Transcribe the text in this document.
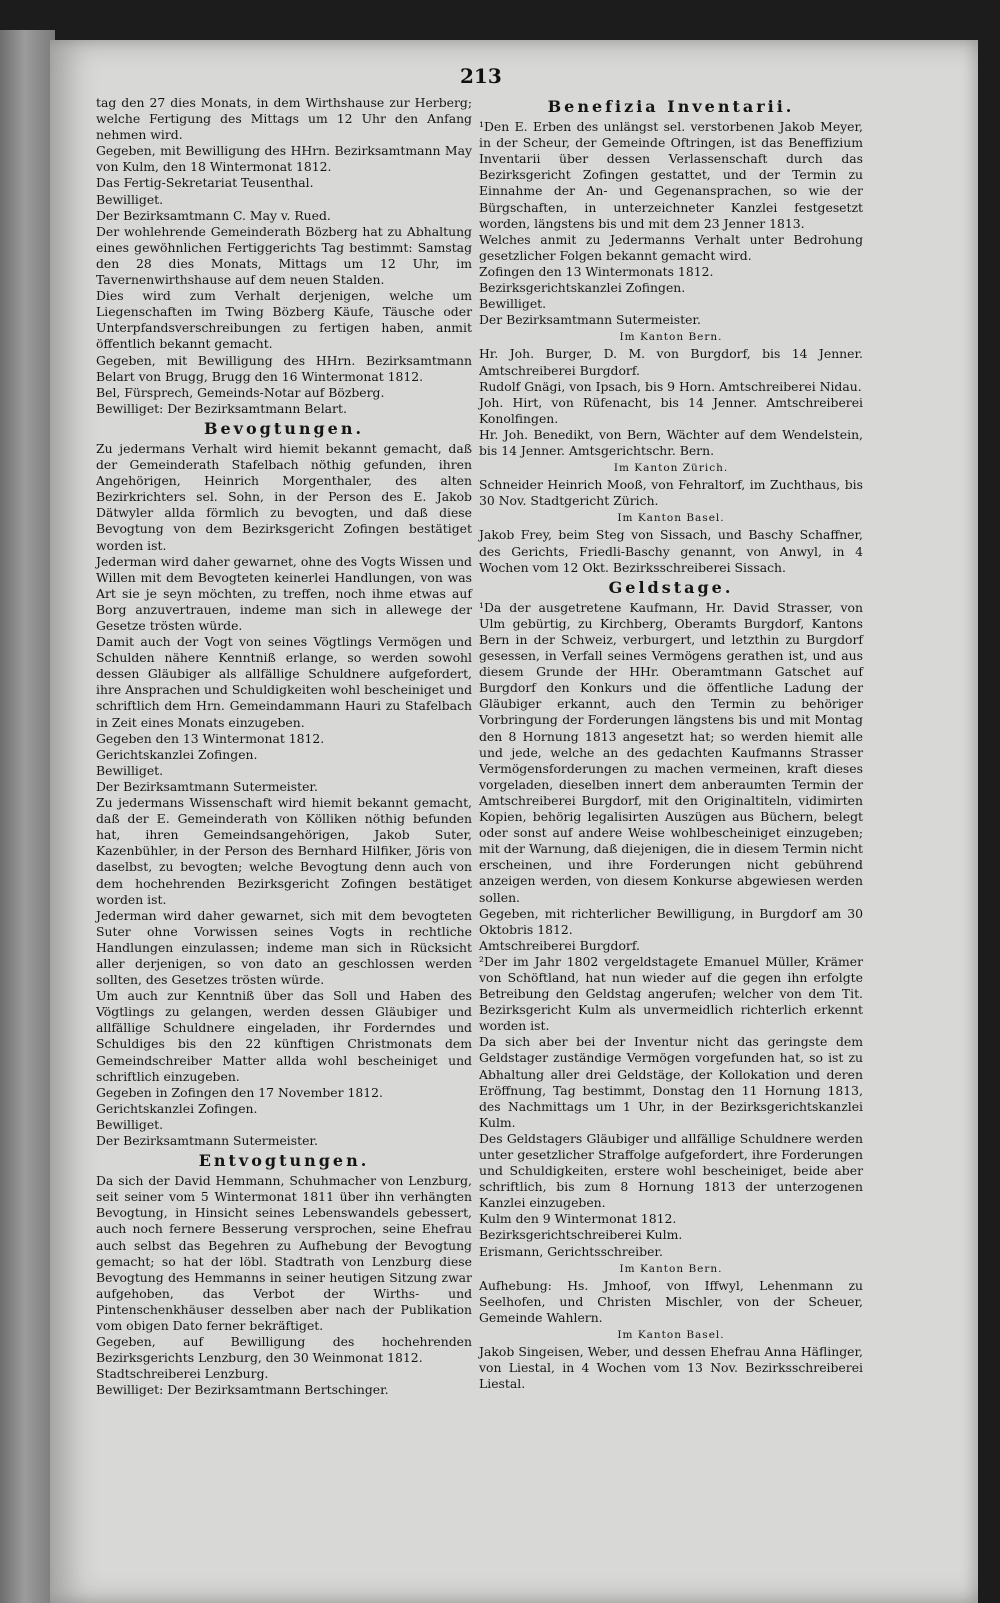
213

tag den 27 dies Monats, in dem Wirthshause zur Herberg; welche Fertigung des Mittags um 12 Uhr den Anfang nehmen wird.

Gegeben, mit Bewilligung des HHrn. Bezirksamtmann May von Kulm, den 18 Wintermonat 1812.

Das Fertig-Sekretariat Teusenthal.

Bewilliget.

Der Bezirksamtmann C. May v. Rued.

Der wohlehrende Gemeinderath Bözberg hat zu Abhaltung eines gewöhnlichen Fertiggerichts Tag bestimmt: Samstag den 28 dies Monats, Mittags um 12 Uhr, im Tavernenwirthshause auf dem neuen Stalden.

Dies wird zum Verhalt derjenigen, welche um Liegenschaften im Twing Bözberg Käufe, Täusche oder Unterpfandsverschreibungen zu fertigen haben, anmit öffentlich bekannt gemacht.

Gegeben, mit Bewilligung des HHrn. Bezirksamtmann Belart von Brugg, Brugg den 16 Wintermonat 1812.

Bel, Fürsprech, Gemeinds-Notar auf Bözberg.

Bewilliget: Der Bezirksamtmann Belart.

Bevogtungen.

Zu jedermans Verhalt wird hiemit bekannt gemacht, daß der Gemeinderath Stafelbach nöthig gefunden, ihren Angehörigen, Heinrich Morgenthaler, des alten Bezirkrichters sel. Sohn, in der Person des E. Jakob Dätwyler allda förmlich zu bevogten, und daß diese Bevogtung von dem Bezirksgericht Zofingen bestätiget worden ist.

Jederman wird daher gewarnet, ohne des Vogts Wissen und Willen mit dem Bevogteten keinerlei Handlungen, von was Art sie je seyn möchten, zu treffen, noch ihme etwas auf Borg anzuvertrauen, indeme man sich in allewege der Gesetze trösten würde.

Damit auch der Vogt von seines Vögtlings Vermögen und Schulden nähere Kenntniß erlange, so werden sowohl dessen Gläubiger als allfällige Schuldnere aufgefordert, ihre Ansprachen und Schuldigkeiten wohl bescheiniget und schriftlich dem Hrn. Gemeindammann Hauri zu Stafelbach in Zeit eines Monats einzugeben.

Gegeben den 13 Wintermonat 1812.

Gerichtskanzlei Zofingen.

Bewilliget.

Der Bezirksamtmann Sutermeister.

Zu jedermans Wissenschaft wird hiemit bekannt gemacht, daß der E. Gemeinderath von Kölliken nöthig befunden hat, ihren Gemeindsangehörigen, Jakob Suter, Kazenbühler, in der Person des Bernhard Hilfiker, Jöris von daselbst, zu bevogten; welche Bevogtung denn auch von dem hochehrenden Bezirksgericht Zofingen bestätiget worden ist.

Jederman wird daher gewarnet, sich mit dem bevogteten Suter ohne Vorwissen seines Vogts in rechtliche Handlungen einzulassen; indeme man sich in Rücksicht aller derjenigen, so von dato an geschlossen werden sollten, des Gesetzes trösten würde.

Um auch zur Kenntniß über das Soll und Haben des Vögtlings zu gelangen, werden dessen Gläubiger und allfällige Schuldnere eingeladen, ihr Forderndes und Schuldiges bis den 22 künftigen Christmonats dem Gemeindschreiber Matter allda wohl bescheiniget und schriftlich einzugeben.

Gegeben in Zofingen den 17 November 1812.

Gerichtskanzlei Zofingen.

Bewilliget.

Der Bezirksamtmann Sutermeister.

Entvogtungen.

Da sich der David Hemmann, Schuhmacher von Lenzburg, seit seiner vom 5 Wintermonat 1811 über ihn verhängten Bevogtung, in Hinsicht seines Lebenswandels gebessert, auch noch fernere Besserung versprochen, seine Ehefrau auch selbst das Begehren zu Aufhebung der Bevogtung gemacht; so hat der löbl. Stadtrath von Lenzburg diese Bevogtung des Hemmanns in seiner heutigen Sitzung zwar aufgehoben, das Verbot der Wirths- und Pintenschenkhäuser desselben aber nach der Publikation vom obigen Dato ferner bekräftiget.

Gegeben, auf Bewilligung des hochehrenden Bezirksgerichts Lenzburg, den 30 Weinmonat 1812.

Stadtschreiberei Lenzburg.

Bewilliget: Der Bezirksamtmann Bertschinger.

Benefizia Inventarii.

¹Den E. Erben des unlängst sel. verstorbenen Jakob Meyer, in der Scheur, der Gemeinde Oftringen, ist das Beneffizium Inventarii über dessen Verlassenschaft durch das Bezirksgericht Zofingen gestattet, und der Termin zu Einnahme der An- und Gegenansprachen, so wie der Bürgschaften, in unterzeichneter Kanzlei festgesetzt worden, längstens bis und mit dem 23 Jenner 1813.

Welches anmit zu Jedermanns Verhalt unter Bedrohung gesetzlicher Folgen bekannt gemacht wird.

Zofingen den 13 Wintermonats 1812.

Bezirksgerichtskanzlei Zofingen.

Bewilliget.

Der Bezirksamtmann Sutermeister.

Im Kanton Bern.

Hr. Joh. Burger, D. M. von Burgdorf, bis 14 Jenner. Amtschreiberei Burgdorf.

Rudolf Gnägi, von Ipsach, bis 9 Horn. Amtschreiberei Nidau.

Joh. Hirt, von Rüfenacht, bis 14 Jenner. Amtschreiberei Konolfingen.

Hr. Joh. Benedikt, von Bern, Wächter auf dem Wendelstein, bis 14 Jenner. Amtsgerichtschr. Bern.

Im Kanton Zürich.

Schneider Heinrich Mooß, von Fehraltorf, im Zuchthaus, bis 30 Nov. Stadtgericht Zürich.

Im Kanton Basel.

Jakob Frey, beim Steg von Sissach, und Baschy Schaffner, des Gerichts, Friedli-Baschy genannt, von Anwyl, in 4 Wochen vom 12 Okt. Bezirksschreiberei Sissach.

Geldstage.

¹Da der ausgetretene Kaufmann, Hr. David Strasser, von Ulm gebürtig, zu Kirchberg, Oberamts Burgdorf, Kantons Bern in der Schweiz, verburgert, und letzthin zu Burgdorf gesessen, in Verfall seines Vermögens gerathen ist, und aus diesem Grunde der HHr. Oberamtmann Gatschet auf Burgdorf den Konkurs und die öffentliche Ladung der Gläubiger erkannt, auch den Termin zu behöriger Vorbringung der Forderungen längstens bis und mit Montag den 8 Hornung 1813 angesetzt hat; so werden hiemit alle und jede, welche an des gedachten Kaufmanns Strasser Vermögensforderungen zu machen vermeinen, kraft dieses vorgeladen, dieselben innert dem anberaumten Termin der Amtschreiberei Burgdorf, mit den Originaltiteln, vidimirten Kopien, behörig legalisirten Auszügen aus Büchern, belegt oder sonst auf andere Weise wohlbescheiniget einzugeben; mit der Warnung, daß diejenigen, die in diesem Termin nicht erscheinen, und ihre Forderungen nicht gebührend anzeigen werden, von diesem Konkurse abgewiesen werden sollen.

Gegeben, mit richterlicher Bewilligung, in Burgdorf am 30 Oktobris 1812.

Amtschreiberei Burgdorf.

²Der im Jahr 1802 vergeldstagete Emanuel Müller, Krämer von Schöftland, hat nun wieder auf die gegen ihn erfolgte Betreibung den Geldstag angerufen; welcher von dem Tit. Bezirksgericht Kulm als unvermeidlich richterlich erkennt worden ist.

Da sich aber bei der Inventur nicht das geringste dem Geldstager zuständige Vermögen vorgefunden hat, so ist zu Abhaltung aller drei Geldstäge, der Kollokation und deren Eröffnung, Tag bestimmt, Donstag den 11 Hornung 1813, des Nachmittags um 1 Uhr, in der Bezirksgerichtskanzlei Kulm.

Des Geldstagers Gläubiger und allfällige Schuldnere werden unter gesetzlicher Straffolge aufgefordert, ihre Forderungen und Schuldigkeiten, erstere wohl bescheiniget, beide aber schriftlich, bis zum 8 Hornung 1813 der unterzogenen Kanzlei einzugeben.

Kulm den 9 Wintermonat 1812.

Bezirksgerichtschreiberei Kulm.

Erismann, Gerichtsschreiber.

Im Kanton Bern.

Aufhebung: Hs. Jmhoof, von Iffwyl, Lehenmann zu Seelhofen, und Christen Mischler, von der Scheuer, Gemeinde Wahlern.

Im Kanton Basel.

Jakob Singeisen, Weber, und dessen Ehefrau Anna Häflinger, von Liestal, in 4 Wochen vom 13 Nov. Bezirksschreiberei Liestal.
